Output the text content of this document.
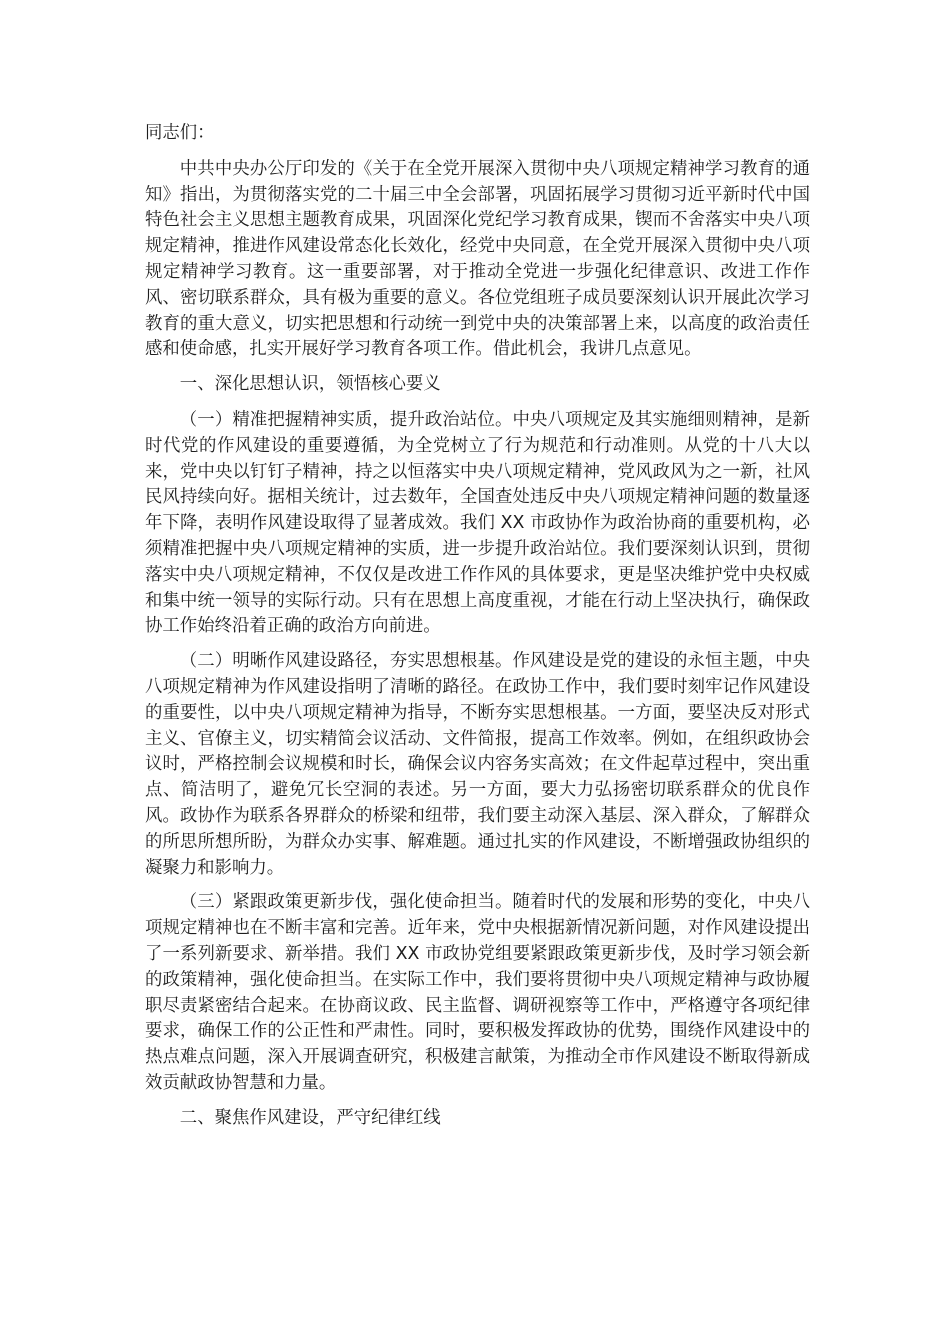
同志们：

中共中央办公厅印发的《关于在全党开展深入贯彻中央八项规定精神学习教育的通知》指出，为贯彻落实党的二十届三中全会部署，巩固拓展学习贯彻习近平新时代中国特色社会主义思想主题教育成果，巩固深化党纪学习教育成果，锲而不舍落实中央八项规定精神，推进作风建设常态化长效化，经党中央同意，在全党开展深入贯彻中央八项规定精神学习教育。这一重要部署，对于推动全党进一步强化纪律意识、改进工作作风、密切联系群众，具有极为重要的意义。各位党组班子成员要深刻认识开展此次学习教育的重大意义，切实把思想和行动统一到党中央的决策部署上来，以高度的政治责任感和使命感，扎实开展好学习教育各项工作。借此机会，我讲几点意见。

一、深化思想认识，领悟核心要义

（一）精准把握精神实质，提升政治站位。中央八项规定及其实施细则精神，是新时代党的作风建设的重要遵循，为全党树立了行为规范和行动准则。从党的十八大以来，党中央以钉钉子精神，持之以恒落实中央八项规定精神，党风政风为之一新，社风民风持续向好。据相关统计，过去数年，全国查处违反中央八项规定精神问题的数量逐年下降，表明作风建设取得了显著成效。我们 XX 市政协作为政治协商的重要机构，必须精准把握中央八项规定精神的实质，进一步提升政治站位。我们要深刻认识到，贯彻落实中央八项规定精神，不仅仅是改进工作作风的具体要求，更是坚决维护党中央权威和集中统一领导的实际行动。只有在思想上高度重视，才能在行动上坚决执行，确保政协工作始终沿着正确的政治方向前进。

（二）明晰作风建设路径，夯实思想根基。作风建设是党的建设的永恒主题，中央八项规定精神为作风建设指明了清晰的路径。在政协工作中，我们要时刻牢记作风建设的重要性，以中央八项规定精神为指导，不断夯实思想根基。一方面，要坚决反对形式主义、官僚主义，切实精简会议活动、文件简报，提高工作效率。例如，在组织政协会议时，严格控制会议规模和时长，确保会议内容务实高效；在文件起草过程中，突出重点、简洁明了，避免冗长空洞的表述。另一方面，要大力弘扬密切联系群众的优良作风。政协作为联系各界群众的桥梁和纽带，我们要主动深入基层、深入群众，了解群众的所思所想所盼，为群众办实事、解难题。通过扎实的作风建设，不断增强政协组织的凝聚力和影响力。

（三）紧跟政策更新步伐，强化使命担当。随着时代的发展和形势的变化，中央八项规定精神也在不断丰富和完善。近年来，党中央根据新情况新问题，对作风建设提出了一系列新要求、新举措。我们 XX 市政协党组要紧跟政策更新步伐，及时学习领会新的政策精神，强化使命担当。在实际工作中，我们要将贯彻中央八项规定精神与政协履职尽责紧密结合起来。在协商议政、民主监督、调研视察等工作中，严格遵守各项纪律要求，确保工作的公正性和严肃性。同时，要积极发挥政协的优势，围绕作风建设中的热点难点问题，深入开展调查研究，积极建言献策，为推动全市作风建设不断取得新成效贡献政协智慧和力量。

二、聚焦作风建设，严守纪律红线
